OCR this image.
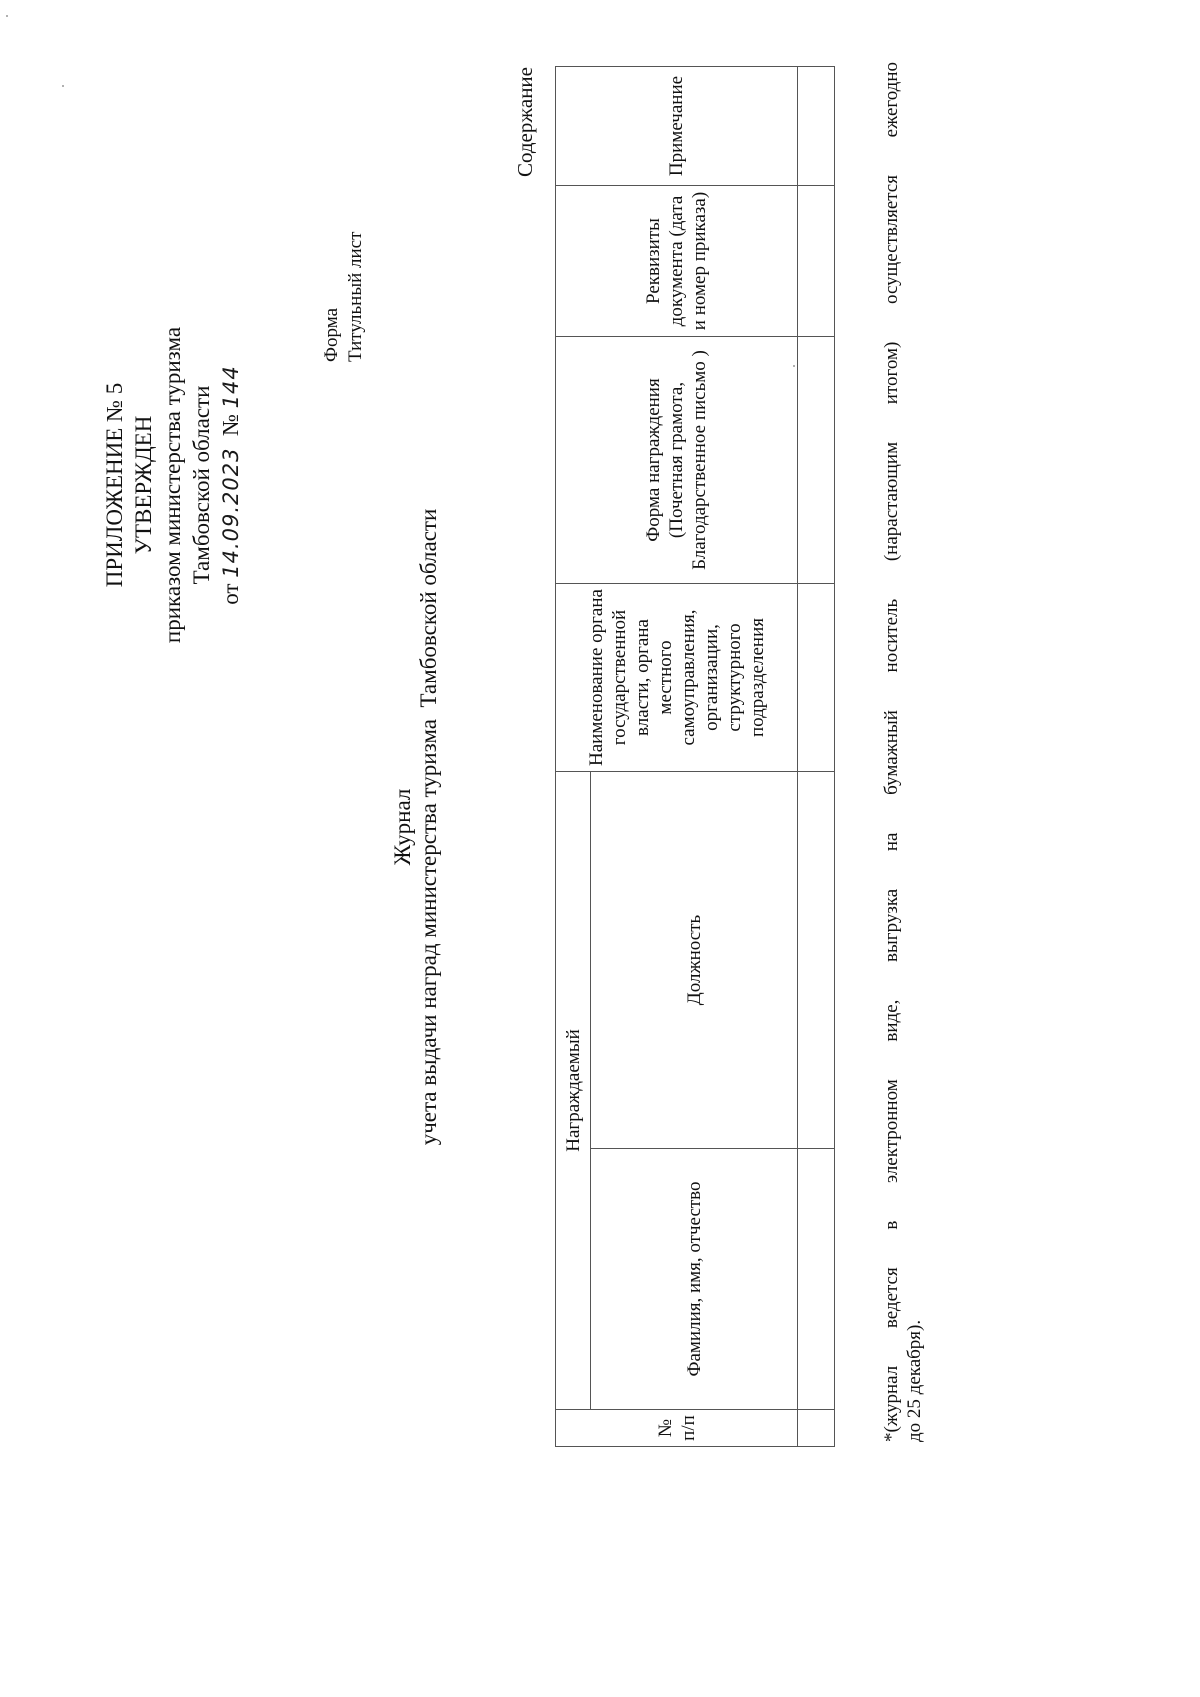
ПРИЛОЖЕНИЕ № 5 УТВЕРЖДЕН приказом министерства туризма Тамбовской области
от 14.09.2023  № 144
Форма Титульный лист
Журнал учета выдачи наград министерства туризма  Тамбовской области
Содержание
№ п/п	Награждаемый		Наименование органа государственной власти, органа местного самоуправления, организации, структурного подразделения	Форма награждения (Почетная грамота, Благодарственное письмо )	Реквизиты документа (дата и номер приказа)	Примечание
	Фамилия, имя, отчество	Должность				
							*(журнал ведется в электронном виде, выгрузка на бумажный носитель (нарастающим итогом) осуществляется ежегодно до 25 декабря).
